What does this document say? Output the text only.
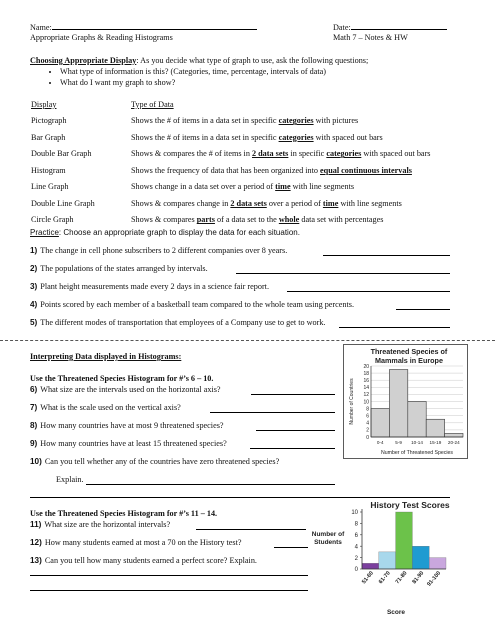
Name:	Date:
Appropriate Graphs & Reading Histograms	Math 7 – Notes & HW
Choosing Appropriate Display: As you decide what type of graph to use, ask the following questions;
• What type of information is this? (Categories, time, percentage, intervals of data)
• What do I want my graph to show?
Display	Type of Data
Pictograph	Shows the # of items in a data set in specific categories with pictures
Bar Graph	Shows the # of items in a data set in specific categories with spaced out bars
Double Bar Graph	Shows & compares the # of items in 2 data sets in specific categories with spaced out bars
Histogram	Shows the frequency of data that has been organized into equal continuous intervals
Line Graph	Shows change in a data set over a period of time with line segments
Double Line Graph	Shows & compares change in 2 data sets over a period of time with line segments
Circle Graph	Shows & compares parts of a data set to the whole data set with percentages
Practice: Choose an appropriate graph to display the data for each situation.
1) The change in cell phone subscribers to 2 different companies over 8 years.
2) The populations of the states arranged by intervals.
3) Plant height measurements made every 2 days in a science fair report.
4) Points scored by each member of a basketball team compared to the whole team using percents.
5) The different modes of transportation that employees of a Company use to get to work.
Interpreting Data displayed in Histograms:
Use the Threatened Species Histogram for #’s 6 – 10.
6) What size are the intervals used on the horizontal axis?
7) What is the scale used on the vertical axis?
8) How many countries have at most 9 threatened species?
9) How many countries have at least 15 threatened species?
10) Can you tell whether any of the countries have zero threatened species?
Explain.
Use the Threatened Species Histogram for #’s 11 – 14.
11) What size are the horizontal intervals?
12) How many students earned at most a 70 on the History test?
13) Can you tell how many students earned a perfect score? Explain.
Threatened Species of
Mammals in Europe
0
2
4
6
8
10
12
14
16
18
20
0-4	5-9 10-14 15-19 20-24
Number of Threatened Species
Number of Countries
History Test Scores
0
2
4
6
8
10
51-60 61-70 71-80 81-90 91-100
Score
Number of
Students
